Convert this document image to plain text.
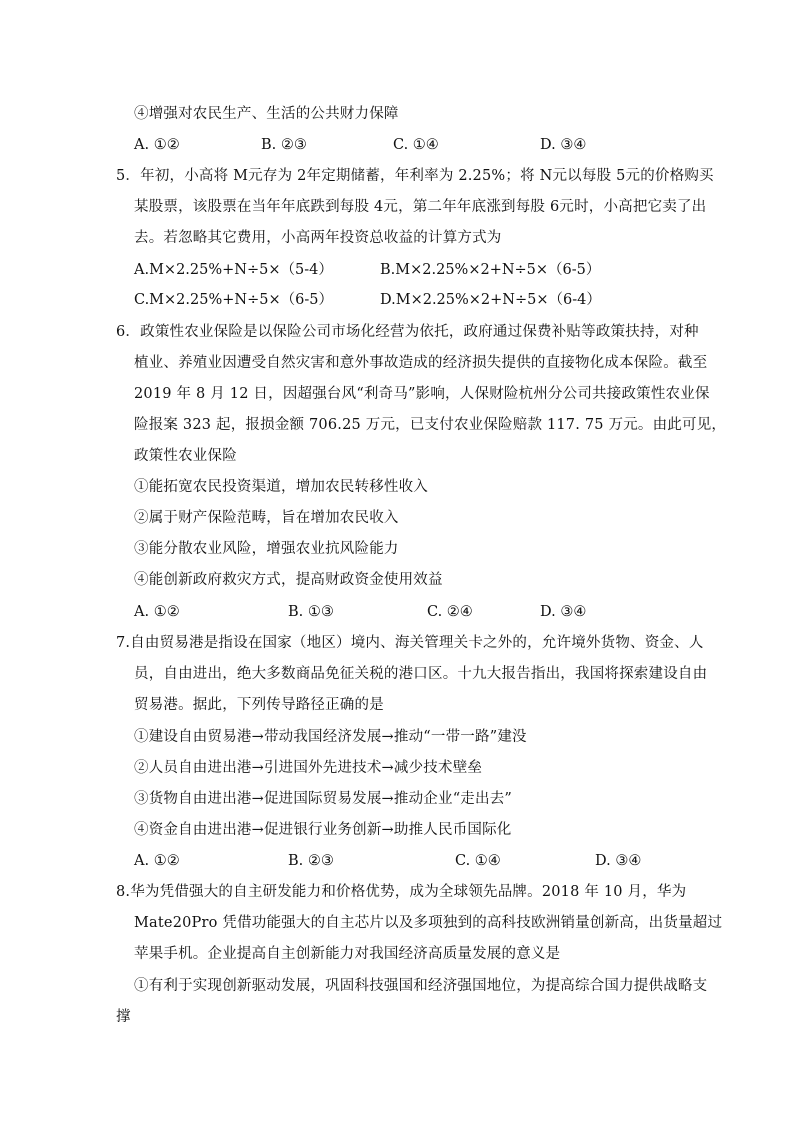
④增强对农民生产、生活的公共财力保障
A. ①②	B. ②③	C. ①④	D. ③④
5．年初，小高将 M元存为 2年定期储蓄，年利率为 2.25%；将 N元以每股 5元的价格购买
某股票，该股票在当年年底跌到每股 4元，第二年年底涨到每股 6元时，小高把它卖了出
去。若忽略其它费用，小高两年投资总收益的计算方式为
A.M×2.25%+N÷5×（5-4）	B.M×2.25%×2+N÷5×（6-5）
C.M×2.25%+N÷5×（6-5）	D.M×2.25%×2+N÷5×（6-4）
6．政策性农业保险是以保险公司市场化经营为依托，政府通过保费补贴等政策扶持，对种
植业、养殖业因遭受自然灾害和意外事故造成的经济损失提供的直接物化成本保险。截至
2019 年 8 月 12 日，因超强台风“利奇马”影响，人保财险杭州分公司共接政策性农业保
险报案 323 起，报损金额 706.25 万元，已支付农业保险赔款 117. 75 万元。由此可见，
政策性农业保险
①能拓宽农民投资渠道，增加农民转移性收入
②属于财产保险范畴，旨在增加农民收入
③能分散农业风险，增强农业抗风险能力
④能创新政府救灾方式，提高财政资金使用效益
A. ①②	B. ①③	C. ②④	D. ③④
7.自由贸易港是指设在国家（地区）境内、海关管理关卡之外的，允许境外货物、资金、人
员，自由进出，绝大多数商品免征关税的港口区。十九大报告指出，我国将探索建设自由
贸易港。据此，下列传导路径正确的是
①建设自由贸易港→带动我国经济发展→推动“一带一路”建没
②人员自由进出港→引进国外先进技术→减少技术壁垒
③货物自由进出港→促进国际贸易发展→推动企业“走出去”
④资金自由进出港→促进银行业务创新→助推人民币国际化
A. ①②	B. ②③	C. ①④	D. ③④
8.华为凭借强大的自主研发能力和价格优势，成为全球领先品牌。2018 年 10 月，华为
Mate20Pro 凭借功能强大的自主芯片以及多项独到的高科技欧洲销量创新高，出货量超过
苹果手机。企业提高自主创新能力对我国经济高质量发展的意义是
①有利于实现创新驱动发展，巩固科技强国和经济强国地位，为提高综合国力提供战略支
撑
